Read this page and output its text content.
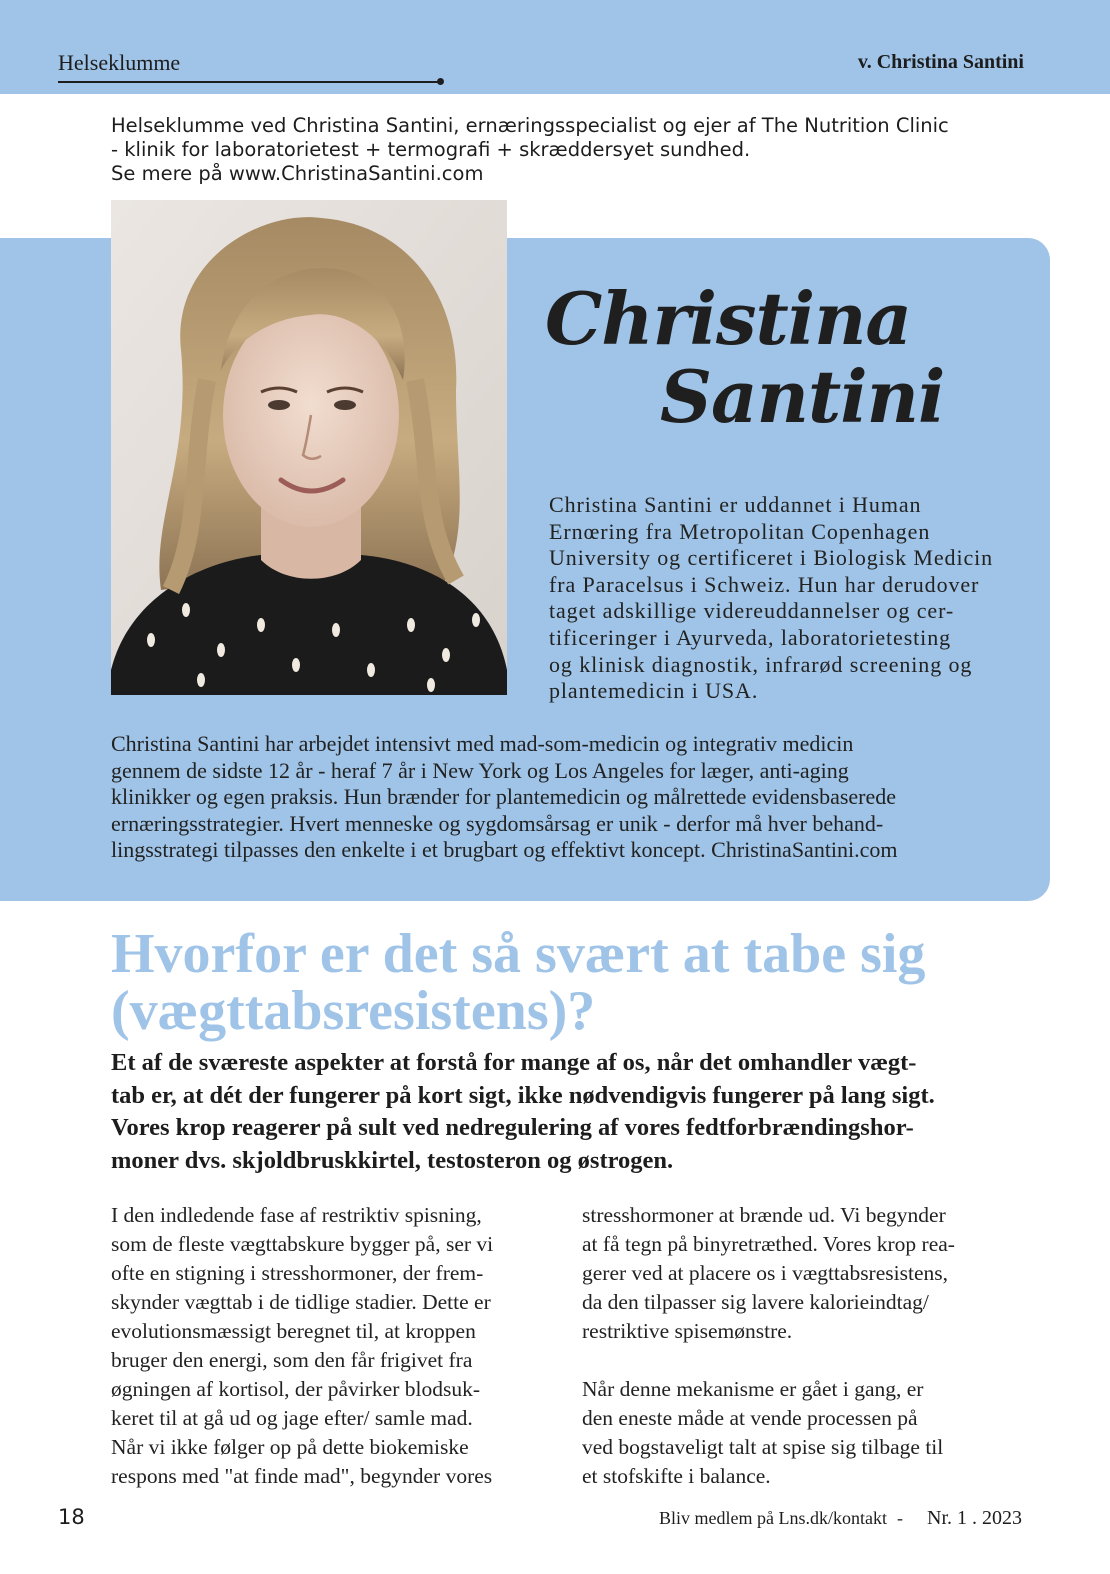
Helseklumme	v. Christina Santini
Helseklumme ved Christina Santini, ernæringsspecialist og ejer af The Nutrition Clinic
- klinik for laboratorietest + termografi + skræddersyet sundhed.
Se mere på www.ChristinaSantini.com
Christina
Santini
Christina Santini er uddannet i Human
Ernœring fra Metropolitan Copenhagen
University og certificeret i Biologisk Medicin
fra Paracelsus i Schweiz. Hun har derudover
taget adskillige videreuddannelser og cer-
tificeringer i Ayurveda, laboratorietesting
og klinisk diagnostik, infrarød screening og
plantemedicin i USA.
Christina Santini har arbejdet intensivt med mad-som-medicin og integrativ medicin
gennem de sidste 12 år - heraf 7 år i New York og Los Angeles for læger, anti-aging
klinikker og egen praksis. Hun brænder for plantemedicin og målrettede evidensbaserede
ernæringsstrategier. Hvert menneske og sygdomsårsag er unik - derfor må hver behand-
lingsstrategi tilpasses den enkelte i et brugbart og effektivt koncept. ChristinaSantini.com
Hvorfor er det så svært at tabe sig
(vægttabsresistens)?
Et af de sværeste aspekter at forstå for mange af os, når det omhandler vægt-
tab er, at dét der fungerer på kort sigt, ikke nødvendigvis fungerer på lang sigt.
Vores krop reagerer på sult ved nedregulering af vores fedtforbrændingshor-
moner dvs. skjoldbruskkirtel, testosteron og østrogen.
I den indledende fase af restriktiv spisning,
som de fleste vægttabskure bygger på, ser vi
ofte en stigning i stresshormoner, der frem-
skynder vægttab i de tidlige stadier. Dette er
evolutionsmæssigt beregnet til, at kroppen
bruger den energi, som den får frigivet fra
øgningen af kortisol, der påvirker blodsuk-
keret til at gå ud og jage efter/ samle mad.
Når vi ikke følger op på dette biokemiske
respons med "at finde mad", begynder vores
stresshormoner at brænde ud. Vi begynder
at få tegn på binyretræthed. Vores krop rea-
gerer ved at placere os i vægttabsresistens,
da den tilpasser sig lavere kalorieindtag/
restriktive spisemønstre.
Når denne mekanisme er gået i gang, er
den eneste måde at vende processen på
ved bogstaveligt talt at spise sig tilbage til
et stofskifte i balance.
18	Bliv medlem på Lns.dk/kontakt - Nr. 1 . 2023
